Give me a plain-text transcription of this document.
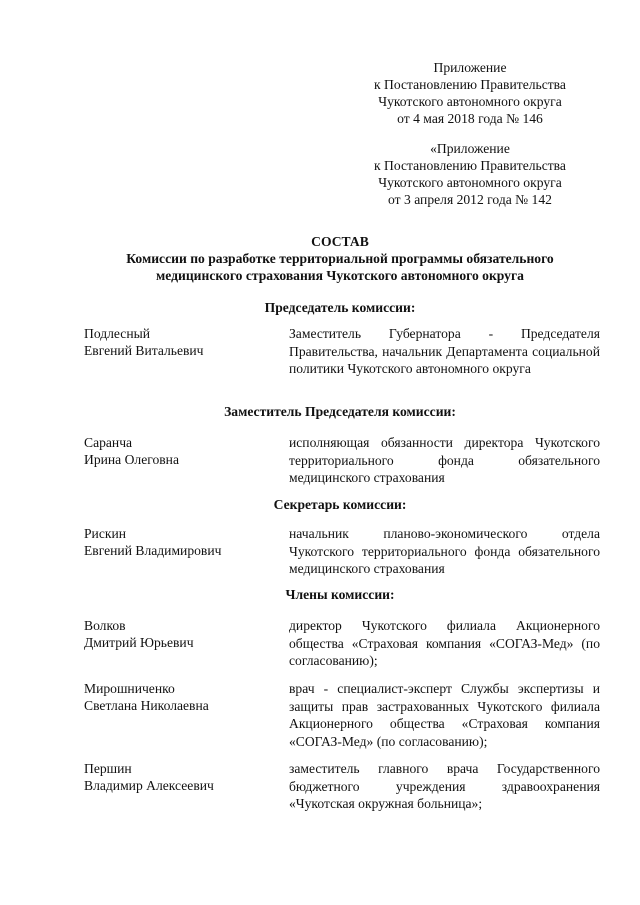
Приложение
к Постановлению Правительства
Чукотского автономного округа
от 4 мая 2018 года № 146
«Приложение
к Постановлению Правительства
Чукотского автономного округа
от 3 апреля 2012 года № 142
СОСТАВ
Комиссии по разработке территориальной программы обязательного
медицинского страхования Чукотского автономного округа
Председатель комиссии:
Подлесный
Евгений Витальевич
Заместитель Губернатора - Председателя Правительства, начальник Департамента социальной политики Чукотского автономного округа
Заместитель Председателя комиссии:
Саранча
Ирина Олеговна
исполняющая обязанности директора Чукотского территориального фонда обязательного медицинского страхования
Секретарь комиссии:
Рискин
Евгений Владимирович
начальник планово-экономического отдела Чукотского территориального фонда обязательного медицинского страхования
Члены комиссии:
Волков
Дмитрий Юрьевич
директор Чукотского филиала Акционерного общества «Страховая компания «СОГАЗ-Мед» (по согласованию);
Мирошниченко
Светлана Николаевна
врач - специалист-эксперт Службы экспертизы и защиты прав застрахованных Чукотского филиала Акционерного общества «Страховая компания «СОГАЗ-Мед» (по согласованию);
Першин
Владимир Алексеевич
заместитель главного врача Государственного бюджетного учреждения здравоохранения «Чукотская окружная больница»;
